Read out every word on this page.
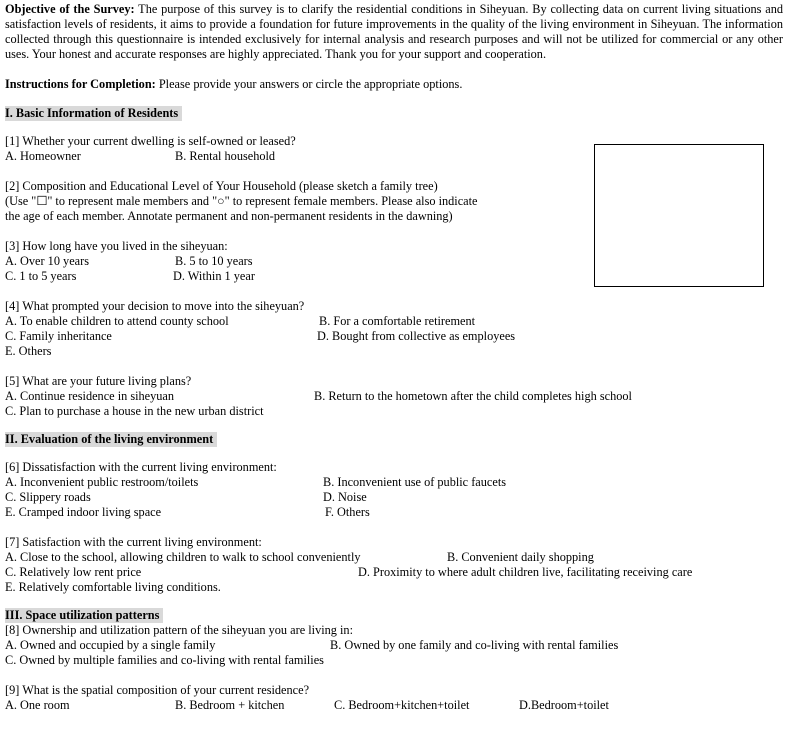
Objective of the Survey: The purpose of this survey is to clarify the residential conditions in Siheyuan. By collecting data on current living situations and satisfaction levels of residents, it aims to provide a foundation for future improvements in the quality of the living environment in Siheyuan. The information collected through this questionnaire is intended exclusively for internal analysis and research purposes and will not be utilized for commercial or any other uses. Your honest and accurate responses are highly appreciated. Thank you for your support and cooperation.

Instructions for Completion: Please provide your answers or circle the appropriate options.

I. Basic Information of Residents
[1] Whether your current dwelling is self-owned or leased?
A. Homeowner	B. Rental household
[2] Composition and Educational Level of Your Household (please sketch a family tree)
(Use "☐" to represent male members and "○" to represent female members. Please also indicate
the age of each member. Annotate permanent and non-permanent residents in the dawning)
[3] How long have you lived in the siheyuan:
A. Over 10 years	B. 5 to 10 years
C. 1 to 5 years	D. Within 1 year
[4] What prompted your decision to move into the siheyuan?
A. To enable children to attend county school	B. For a comfortable retirement
C. Family inheritance	D. Bought from collective as employees
E. Others
[5] What are your future living plans?
A. Continue residence in siheyuan	B. Return to the hometown after the child completes high school
C. Plan to purchase a house in the new urban district
II. Evaluation of the living environment
[6] Dissatisfaction with the current living environment:
A. Inconvenient public restroom/toilets	B. Inconvenient use of public faucets
C. Slippery roads	D. Noise
E. Cramped indoor living space	F. Others
[7] Satisfaction with the current living environment:
A. Close to the school, allowing children to walk to school conveniently	B. Convenient daily shopping
C. Relatively low rent price	D. Proximity to where adult children live, facilitating receiving care
E. Relatively comfortable living conditions.
III. Space utilization patterns
[8] Ownership and utilization pattern of the siheyuan you are living in:
A. Owned and occupied by a single family	B. Owned by one family and co-living with rental families
C. Owned by multiple families and co-living with rental families
[9] What is the spatial composition of your current residence?
A. One room	B. Bedroom + kitchen	C. Bedroom+kitchen+toilet	D.Bedroom+toilet
